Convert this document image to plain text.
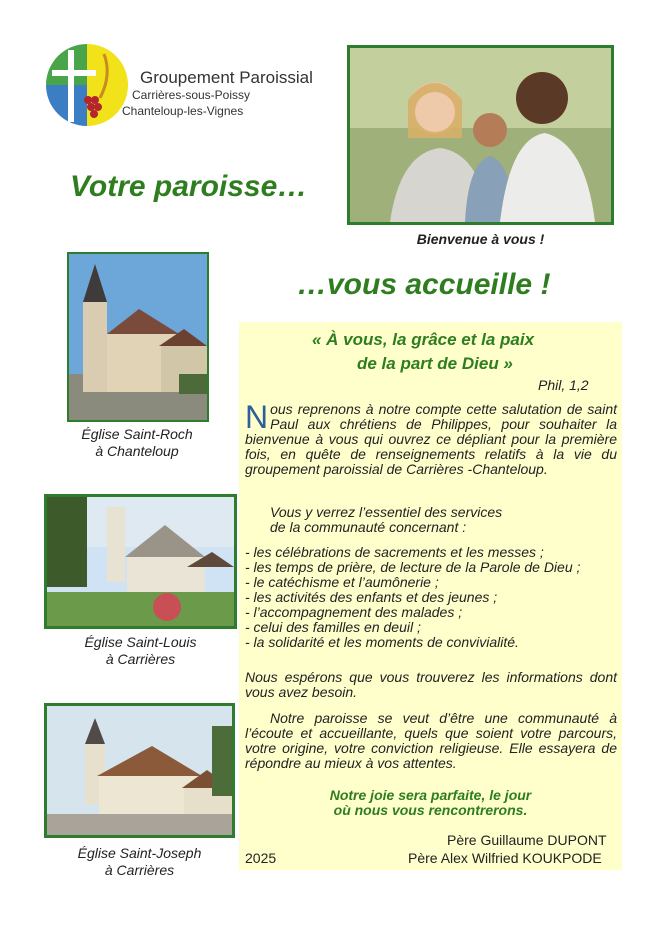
Groupement Paroissial
Carrières-sous-Poissy
Chanteloup-les-Vignes
Votre paroisse…
…vous accueille !
Bienvenue à vous !
Église Saint-Roch
à Chanteloup
Église Saint-Louis
à Carrières
Église Saint-Joseph
à Carrières
« À vous, la grâce et la paix
de la part de Dieu »
Phil, 1,2
Nous reprenons à notre compte cette salutation de saint Paul aux chrétiens de Philippes, pour souhaiter la bienvenue à vous qui ouvrez ce dépliant pour la première fois, en quête de renseignements relatifs à la vie du groupement paroissial de Carrières -Chanteloup.
Vous y verrez l’essentiel des services
de la communauté concernant :
- les célébrations de sacrements et les messes ;
- les temps de prière, de lecture de la Parole de Dieu ;
- le catéchisme et l’aumônerie ;
- les activités des enfants et des jeunes ;
- l’accompagnement des malades ;
- celui des familles en deuil ;
- la solidarité et les moments de convivialité.
Nous espérons que vous trouverez les informations dont vous avez besoin.
Notre paroisse se veut d’être une communauté à l’écoute et accueillante, quels que soient votre parcours, votre origine, votre conviction religieuse. Elle essayera de répondre au mieux à vos attentes.
Notre joie sera parfaite, le jour
où nous vous rencontrerons.
Père Guillaume DUPONT
Père Alex Wilfried KOUKPODE
2025
